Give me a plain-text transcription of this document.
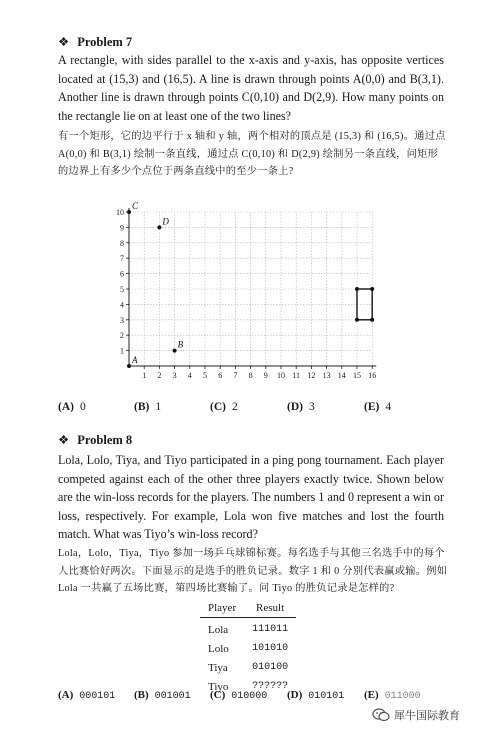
❖ Problem 7
A rectangle, with sides parallel to the x-axis and y-axis, has opposite vertices located at (15,3) and (16,5). A line is drawn through points A(0,0) and B(3,1). Another line is drawn through points C(0,10) and D(2,9). How many points on the rectangle lie on at least one of the two lines?
有一个矩形，它的边平行于 x 轴和 y 轴，两个相对的顶点是 (15,3) 和 (16,5)。通过点 A(0,0) 和 B(3,1) 绘制一条直线，通过点 C(0,10) 和 D(2,9) 绘制另一条直线，问矩形的边界上有多少个点位于两条直线中的至少一条上?
1 2 3 4 5 6 7 8 9 10 11 12 13 14 15 16
1
2
3
4
5
6
7
8
9
10
A
B
C
D
(A) 0	(B) 1	(C) 2	(D) 3	(E) 4
❖ Problem 8
Lola, Lolo, Tiya, and Tiyo participated in a ping pong tournament. Each player competed against each of the other three players exactly twice. Shown below are the win-loss records for the players. The numbers 1 and 0 represent a win or loss, respectively. For example, Lola won five matches and lost the fourth match. What was Tiyo’s win-loss record?
Lola，Lolo，Tiya，Tiyo 参加一场乒乓球锦标赛。每名选手与其他三名选手中的每个人比赛恰好两次。下面显示的是选手的胜负记录。数字 1 和 0 分别代表赢或输。例如 Lola 一共赢了五场比赛，第四场比赛输了。问 Tiyo 的胜负记录是怎样的?
Player	Result
Lola	111011
Lolo	101010
Tiya	010100
Tiyo	??????
(A) 000101 (B) 001001 (C) 010000 (D) 010101 (E) 011000
犀牛国际教育
